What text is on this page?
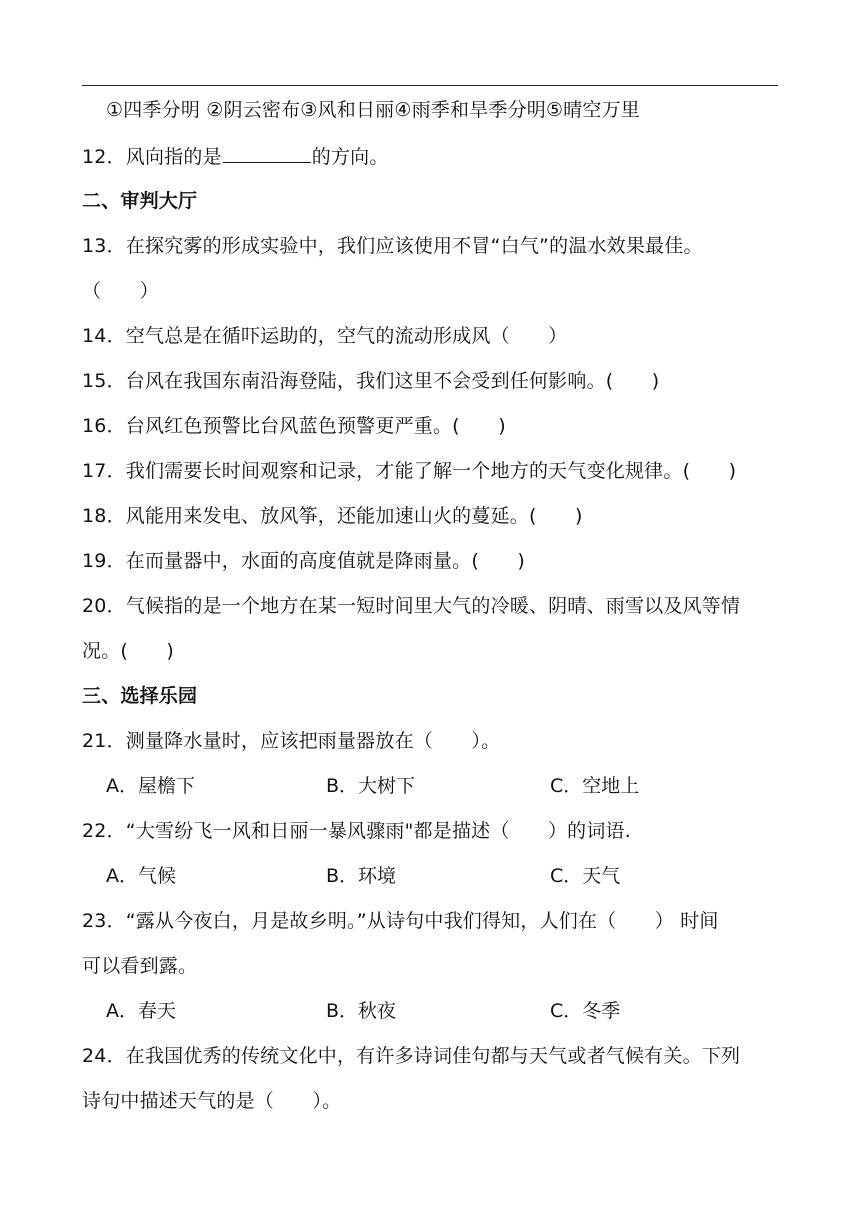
①四季分明 ②阴云密布③风和日丽④雨季和旱季分明⑤晴空万里
12．风向指的是	的方向。
二、审判大厅
13．在探究雾的形成实验中，我们应该使用不冒“白气”的温水效果最佳。
（　　）
14．空气总是在循吓运助的，空气的流动形成风（　　）
15．台风在我国东南沿海登陆，我们这里不会受到任何影响。(　　)
16．台风红色预警比台风蓝色预警更严重。(　　)
17．我们需要长时间观察和记录，才能了解一个地方的天气变化规律。(　　)
18．风能用来发电、放风筝，还能加速山火的蔓延。(　　)
19．在而量器中，水面的高度值就是降雨量。(　　)
20．气候指的是一个地方在某一短时间里大气的冷暖、阴晴、雨雪以及风等情
况。(　　)
三、选择乐园
21．测量降水量时，应该把雨量器放在（　　）。
A．屋檐下	B．大树下	C．空地上
22．“大雪纷飞一风和日丽一暴风骤雨"都是描述（　　）的词语.
A．气候	B．环境	C．天气
23．“露从今夜白，月是故乡明。”从诗句中我们得知，人们在（　　） 时间
可以看到露。
A．春天	B．秋夜	C．冬季
24．在我国优秀的传统文化中，有许多诗词佳句都与天气或者气候有关。下列
诗句中描述天气的是（　　）。
